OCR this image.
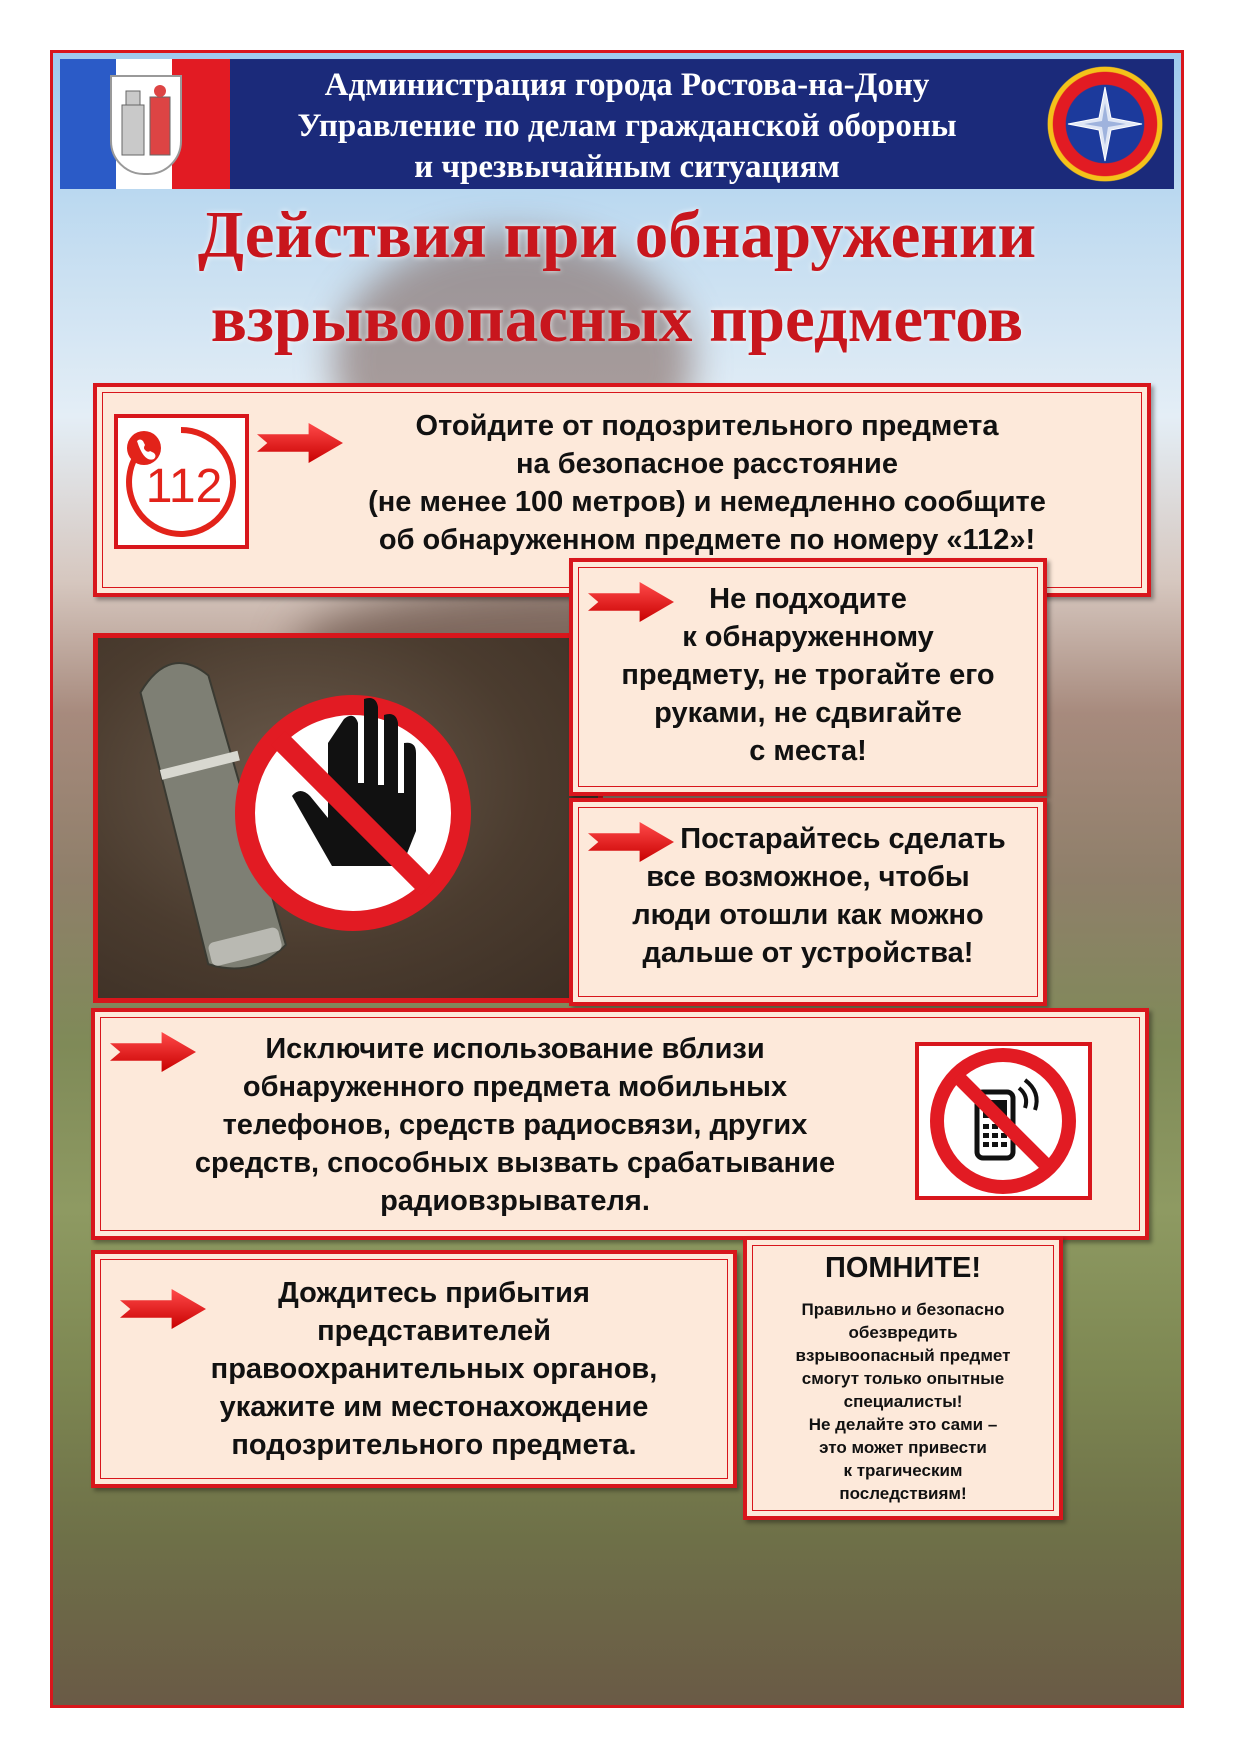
Администрация города Ростова-на-Дону
Управление по делам гражданской обороны
и чрезвычайным ситуациям
Действия при обнаружении
взрывоопасных предметов
112
Отойдите от подозрительного предмета
на безопасное расстояние
(не менее 100 метров) и немедленно сообщите
об обнаруженном предмете по номеру «112»!
Не подходите
к обнаруженному
предмету, не трогайте его
руками, не сдвигайте
с места!
Постарайтесь сделать
все возможное, чтобы
люди отошли как можно
дальше от устройства!
Исключите использование вблизи
обнаруженного предмета мобильных
телефонов, средств радиосвязи, других
средств, способных вызвать срабатывание
радиовзрывателя.
Дождитесь прибытия
представителей
правоохранительных органов,
укажите им местонахождение
подозрительного предмета.
ПОМНИТЕ!
Правильно и безопасно
обезвредить
взрывоопасный предмет
смогут только опытные
специалисты!
Не делайте это сами –
это может привести
к трагическим
последствиям!
